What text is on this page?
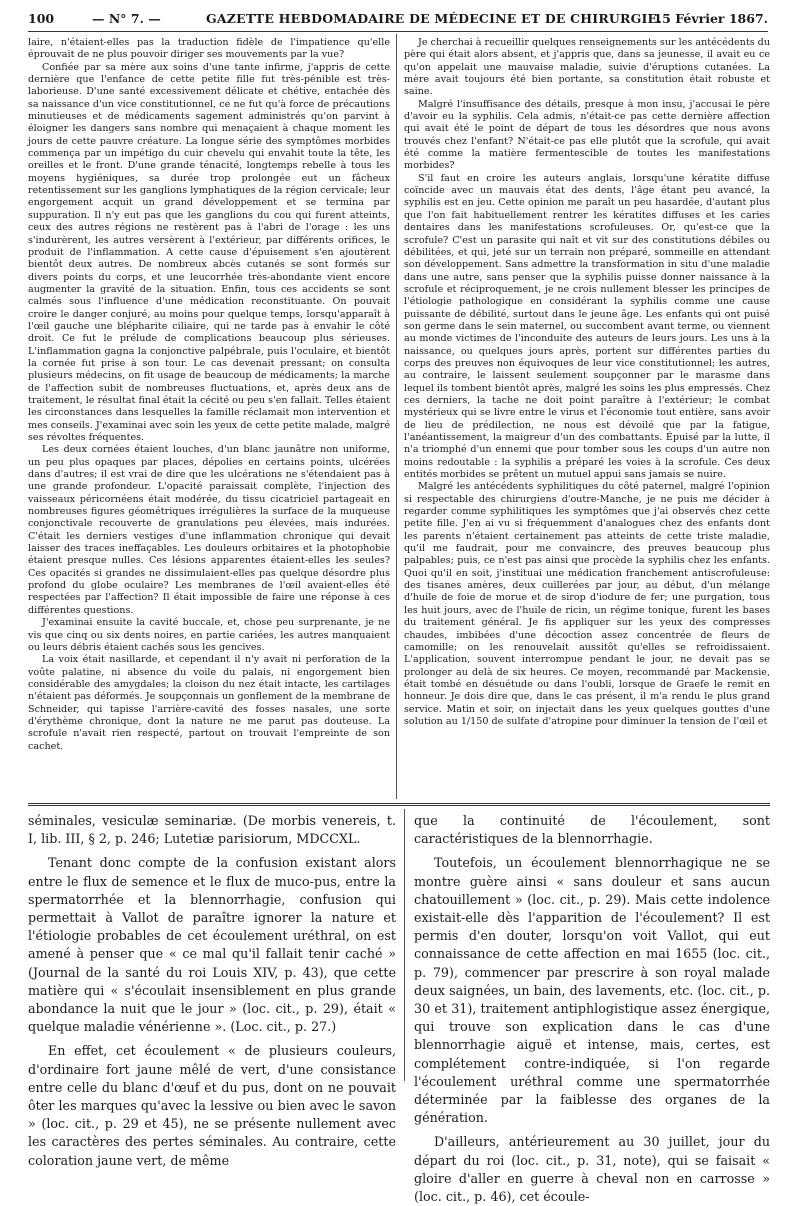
100	— N° 7. —	GAZETTE HEBDOMADAIRE DE MÉDECINE ET DE CHIRURGIE.
15 Février 1867.

laire, n'étaient-elles pas la traduction fidèle de l'impatience qu'elle éprouvait de ne plus pouvoir diriger ses mouvements par la vue?

Confiée par sa mère aux soins d'une tante infirme, j'appris de cette dernière que l'enfance de cette petite fille fut très-pénible est très-laborieuse. D'une santé excessivement délicate et chétive, entachée dès sa naissance d'un vice constitutionnel, ce ne fut qu'à force de précautions minutieuses et de médicaments sagement administrés qu'on parvint à éloigner les dangers sans nombre qui menaçaient à chaque moment les jours de cette pauvre créature. La longue série des symptômes morbides commença par un impétigo du cuir chevelu qui envahit toute la tête, les oreilles et le front. D'une grande ténacité, longtemps rebelle à tous les moyens hygiéniques, sa durée trop prolongée eut un fâcheux retentissement sur les ganglions lymphatiques de la région cervicale; leur engorgement acquit un grand développement et se termina par suppuration. Il n'y eut pas que les ganglions du cou qui furent atteints, ceux des autres régions ne restèrent pas à l'abri de l'orage : les uns s'indurèrent, les autres versèrent à l'extérieur, par différents orifices, le produit de l'inflammation. A cette cause d'épuisement s'en ajoutèrent bientôt deux autres. De nombreux abcès cutanés se sont formés sur divers points du corps, et une leucorrhée très-abondante vient encore augmenter la gravité de la situation. Enfin, tous ces accidents se sont calmés sous l'influence d'une médication reconstituante. On pouvait croire le danger conjuré, au moins pour quelque temps, lorsqu'apparaît à l'œil gauche une blépharite ciliaire, qui ne tarde pas à envahir le côté droit. Ce fut le prélude de complications beaucoup plus sérieuses. L'inflammation gagna la conjonctive palpébrale, puis l'oculaire, et bientôt la cornée fut prise à son tour. Le cas devenait pressant; on consulta plusieurs médecins, on fit usage de beaucoup de médicaments; la marche de l'affection subit de nombreuses fluctuations, et, après deux ans de traitement, le résultat final était la cécité ou peu s'en fallait. Telles étaient les circonstances dans lesquelles la famille réclamait mon intervention et mes conseils. J'examinai avec soin les yeux de cette petite malade, malgré ses révoltes fréquentes.

Les deux cornées étaient louches, d'un blanc jaunâtre non uniforme, un peu plus opaques par places, dépolies en certains points, ulcérées dans d'autres; il est vrai de dire que les ulcérations ne s'étendaient pas à une grande profondeur. L'opacité paraissait complète, l'injection des vaisseaux péricornéens était modérée, du tissu cicatriciel partageait en nombreuses figures géométriques irrégulières la surface de la muqueuse conjonctivale recouverte de granulations peu élevées, mais indurées. C'était les derniers vestiges d'une inflammation chronique qui devait laisser des traces ineffaçables. Les douleurs orbitaires et la photophobie étaient presque nulles. Ces lésions apparentes étaient-elles les seules? Ces opacités si grandes ne dissimulaient-elles pas quelque désordre plus profond du globe oculaire? Les membranes de l'œil avaient-elles été respectées par l'affection? Il était impossible de faire une réponse à ces différentes questions.

J'examinai ensuite la cavité buccale, et, chose peu surprenante, je ne vis que cinq ou six dents noires, en partie cariées, les autres manquaient ou leurs débris étaient cachés sous les gencives.

La voix était nasillarde, et cependant il n'y avait ni perforation de la voûte palatine, ni absence du voile du palais, ni engorgement bien considérable des amygdales; la cloison du nez était intacte, les cartilages n'étaient pas déformés. Je soupçonnais un gonflement de la membrane de Schneider, qui tapisse l'arrière-cavité des fosses nasales, une sorte d'érythème chronique, dont la nature ne me parut pas douteuse. La scrofule n'avait rien respecté, partout on trouvait l'empreinte de son cachet.

Je cherchai à recueillir quelques renseignements sur les antécédents du père qui était alors absent, et j'appris que, dans sa jeunesse, il avait eu ce qu'on appelait une mauvaise maladie, suivie d'éruptions cutanées. La mère avait toujours été bien portante, sa constitution était robuste et saine.

Malgré l'insuffisance des détails, presque à mon insu, j'accusai le père d'avoir eu la syphilis. Cela admis, n'était-ce pas cette dernière affection qui avait été le point de départ de tous les désordres que nous avons trouvés chez l'enfant? N'était-ce pas elle plutôt que la scrofule, qui avait été comme la matière fermentescible de toutes les manifestations morbides?

S'il faut en croire les auteurs anglais, lorsqu'une kératite diffuse coïncide avec un mauvais état des dents, l'âge étant peu avancé, la syphilis est en jeu. Cette opinion me paraît un peu hasardée, d'autant plus que l'on fait habituellement rentrer les kératites diffuses et les caries dentaires dans les manifestations scrofuleuses. Or, qu'est-ce que la scrofule? C'est un parasite qui naît et vit sur des constitutions débiles ou débilitées, et qui, jeté sur un terrain non préparé, sommeille en attendant son développement. Sans admettre la transformation in situ d'une maladie dans une autre, sans penser que la syphilis puisse donner naissance à la scrofule et réciproquement, je ne crois nullement blesser les principes de l'étiologie pathologique en considérant la syphilis comme une cause puissante de débilité, surtout dans le jeune âge. Les enfants qui ont puisé son germe dans le sein maternel, ou succombent avant terme, ou viennent au monde victimes de l'inconduite des auteurs de leurs jours. Les uns à la naissance, ou quelques jours après, portent sur différentes parties du corps des preuves non équivoques de leur vice constitutionnel; les autres, au contraire, le laissent seulement soupçonner par le marasme dans lequel ils tombent bientôt après, malgré les soins les plus empressés. Chez ces derniers, la tache ne doit point paraître à l'extérieur; le combat mystérieux qui se livre entre le virus et l'économie tout entière, sans avoir de lieu de prédilection, ne nous est dévoilé que par la fatigue, l'anéantissement, la maigreur d'un des combattants. Épuisé par la lutte, il n'a triomphé d'un ennemi que pour tomber sous les coups d'un autre non moins redoutable : la syphilis a préparé les voies à la scrofule. Ces deux entités morbides se prêtent un mutuel appui sans jamais se nuire.

Malgré les antécédents syphilitiques du côté paternel, malgré l'opinion si respectable des chirurgiens d'outre-Manche, je ne puis me décider à regarder comme syphilitiques les symptômes que j'ai observés chez cette petite fille. J'en ai vu si fréquemment d'analogues chez des enfants dont les parents n'étaient certainement pas atteints de cette triste maladie, qu'il me faudrait, pour me convaincre, des preuves beaucoup plus palpables; puis, ce n'est pas ainsi que procède la syphilis chez les enfants. Quoi qu'il en soit, j'instituai une médication franchement antiscrofuleuse: des tisanes amères, deux cuillerées par jour, au début, d'un mélange d'huile de foie de morue et de sirop d'iodure de fer; une purgation, tous les huit jours, avec de l'huile de ricin, un régime tonique, furent les bases du traitement général. Je fis appliquer sur les yeux des compresses chaudes, imbibées d'une décoction assez concentrée de fleurs de camomille; on les renouvelait aussitôt qu'elles se refroidissaient. L'application, souvent interrompue pendant le jour, ne devait pas se prolonger au delà de six heures. Ce moyen, recommandé par Mackensie, était tombé en désuétude ou dans l'oubli, lorsque de Graefe le remit en honneur. Je dois dire que, dans le cas présent, il m'a rendu le plus grand service. Matin et soir, on injectait dans les yeux quelques gouttes d'une solution au 1/150 de sulfate d'atropine pour diminuer la tension de l'œil et

séminales, vesiculæ seminariæ. (De morbis venereis, t. I, lib. III, § 2, p. 246; Lutetiæ parisiorum, MDCCXL.

Tenant donc compte de la confusion existant alors entre le flux de semence et le flux de muco-pus, entre la spermatorrhée et la blennorrhagie, confusion qui permettait à Vallot de paraître ignorer la nature et l'étiologie probables de cet écoulement uréthral, on est amené à penser que « ce mal qu'il fallait tenir caché » (Journal de la santé du roi Louis XIV, p. 43), que cette matière qui « s'écoulait insensiblement en plus grande abondance la nuit que le jour » (loc. cit., p. 29), était « quelque maladie vénérienne ». (Loc. cit., p. 27.)

En effet, cet écoulement « de plusieurs couleurs, d'ordinaire fort jaune mêlé de vert, d'une consistance entre celle du blanc d'œuf et du pus, dont on ne pouvait ôter les marques qu'avec la lessive ou bien avec le savon » (loc. cit., p. 29 et 45), ne se présente nullement avec les caractères des pertes séminales. Au contraire, cette coloration jaune vert, de même

que la continuité de l'écoulement, sont caractéristiques de la blennorrhagie.

Toutefois, un écoulement blennorrhagique ne se montre guère ainsi « sans douleur et sans aucun chatouillement » (loc. cit., p. 29). Mais cette indolence existait-elle dès l'apparition de l'écoulement? Il est permis d'en douter, lorsqu'on voit Vallot, qui eut connaissance de cette affection en mai 1655 (loc. cit., p. 79), commencer par prescrire à son royal malade deux saignées, un bain, des lavements, etc. (loc. cit., p. 30 et 31), traitement antiphlogistique assez énergique, qui trouve son explication dans le cas d'une blennorrhagie aiguë et intense, mais, certes, est complétement contre-indiquée, si l'on regarde l'écoulement uréthral comme une spermatorrhée déterminée par la faiblesse des organes de la génération.

D'ailleurs, antérieurement au 30 juillet, jour du départ du roi (loc. cit., p. 31, note), qui se faisait « gloire d'aller en guerre à cheval non en carrosse » (loc. cit., p. 46), cet écoule-
